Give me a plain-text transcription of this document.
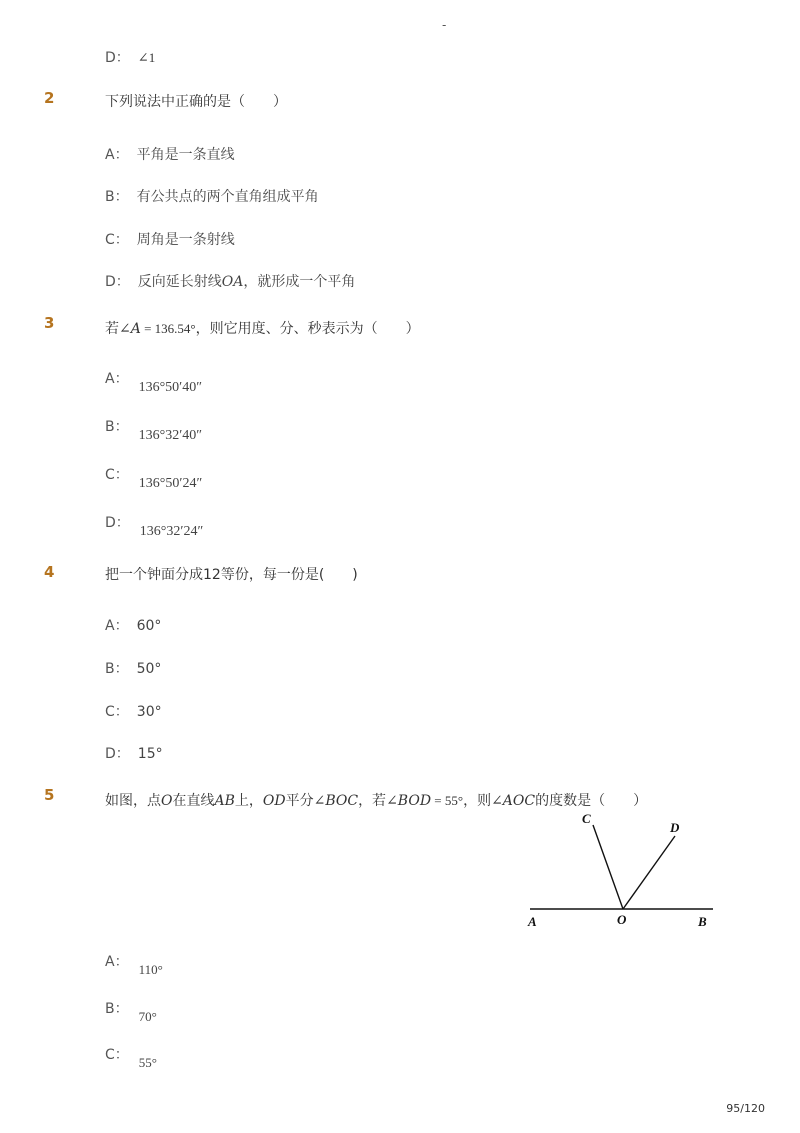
-
D： ∠1
2	下列说法中正确的是（　　）
A： 平角是一条直线
B： 有公共点的两个直角组成平角
C： 周角是一条射线
D： 反向延长射线OA，就形成一个平角
3	若∠A = 136.54°，则它用度、分、秒表示为（　　）
A：136°50′40″
B：136°32′40″
C：136°50′24″
D：136°32′24″
4	把一个钟面分成12等份，每一份是(　　)
A： 60°
B： 50°
C： 30°
D： 15°
5	如图，点O在直线AB上，OD平分∠BOC，若∠BOD = 55°，则∠AOC的度数是（　　）
A	O	B
C
D
A： 110°
B： 70°
C： 55°
95/120
